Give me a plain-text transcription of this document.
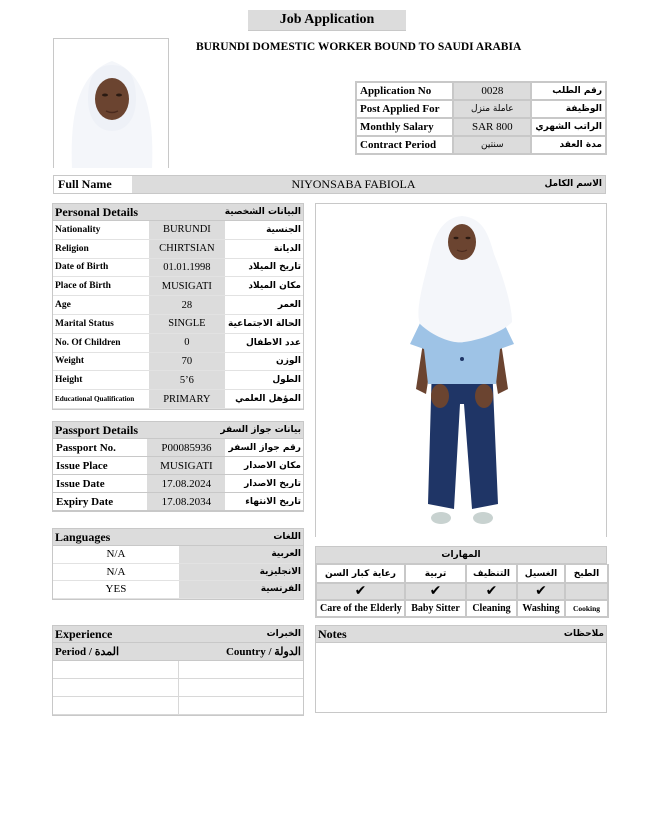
Job Application
BURUNDI DOMESTIC WORKER BOUND TO SAUDI ARABIA
Application No	0028	رقم الطلب
Post Applied For	عاملة منزل	الوظيفة
Monthly Salary	SAR 800	الراتب الشهري
Contract Period	سنتين	مدة العقد
Full Name	NIYONSABA FABIOLA	الاسم الكامل
Personal Details	البيانات الشخصية
Nationality	BURUNDI	الجنسية
Religion	CHIRTSIAN	الديانة
Date of Birth	01.01.1998	تاريخ الميلاد
Place of Birth	MUSIGATI	مكان الميلاد
Age	28	العمر
Marital Status	SINGLE	الحالة الاجتماعية
No. Of Children	0	عدد الاطفال
Weight	70	الوزن
Height	5’6	الطول
Educational Qualification	PRIMARY	المؤهل العلمي
Passport Details	بيانات جواز السفر
Passport No.	P00085936	رقم جواز السفر
Issue Place	MUSIGATI	مكان الاصدار
Issue Date	17.08.2024	تاريخ الاصدار
Expiry Date	17.08.2034	تاريخ الانتهاء
Languages	اللغات
N/A	العربية
N/A	الانجليزية
YES	الفرنسية
المهارات
رعاية كبار السن	تربية	التنظيف	الغسيل	الطبخ
✔	✔	✔	✔	
Care of the Elderly	Baby Sitter	Cleaning	Washing	Cooking
Experience	الخبرات
Period / المدة	Country / الدولة

Notes	ملاحظات
